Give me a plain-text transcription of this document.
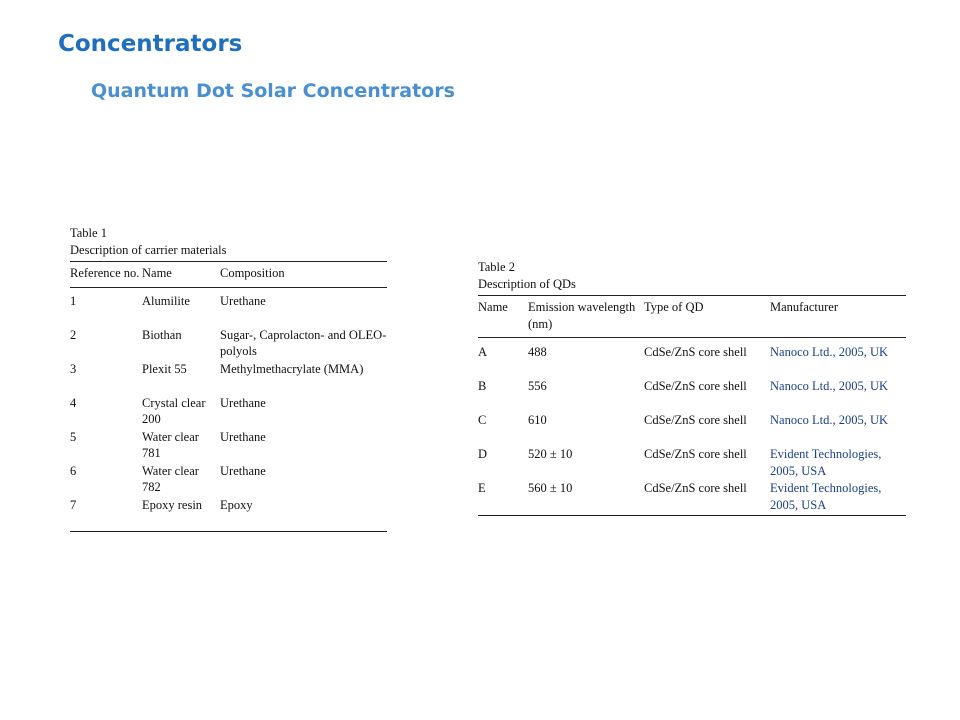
Concentrators
Quantum Dot Solar Concentrators
Table 1
Description of carrier materials
Reference no.	Name	Composition
1	Alumilite	Urethane
2	Biothan	Sugar-, Caprolacton- and OLEO- polyols
3	Plexit 55	Methylmethacrylate (MMA)
4	Crystal clear 200	Urethane
5	Water clear 781	Urethane
6	Water clear 782	Urethane
7	Epoxy resin	Epoxy
Table 2
Description of QDs
Name	Emission wavelength (nm)	Type of QD	Manufacturer
A	488	CdSe/ZnS core shell	Nanoco Ltd., 2005, UK
B	556	CdSe/ZnS core shell	Nanoco Ltd., 2005, UK
C	610	CdSe/ZnS core shell	Nanoco Ltd., 2005, UK
D	520 ± 10	CdSe/ZnS core shell	Evident Technologies, 2005, USA
E	560 ± 10	CdSe/ZnS core shell	Evident Technologies, 2005, USA
